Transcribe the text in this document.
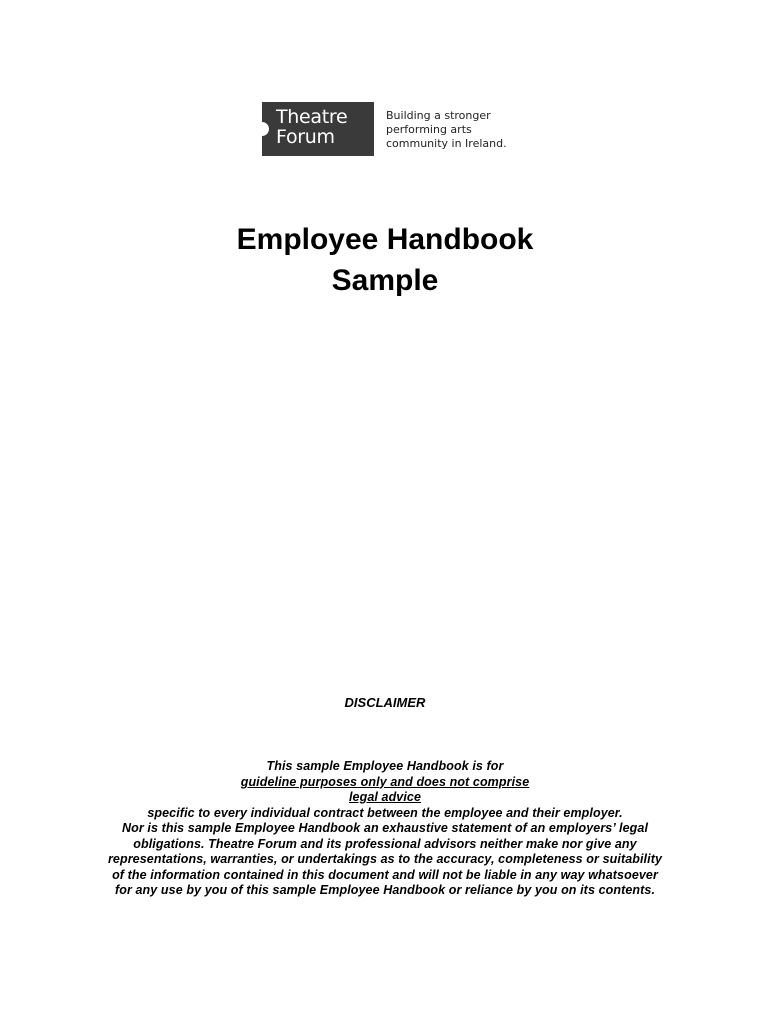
Theatre
Forum
Building a stronger
performing arts
community in Ireland.
Employee Handbook
Sample
DISCLAIMER
This sample Employee Handbook is for
guideline purposes only and does not comprise
legal advice
specific to every individual contract between the employee and their employer.
Nor is this sample Employee Handbook an exhaustive statement of an employers’ legal
obligations. Theatre Forum and its professional advisors neither make nor give any
representations, warranties, or undertakings as to the accuracy, completeness or suitability
of the information contained in this document and will not be liable in any way whatsoever
for any use by you of this sample Employee Handbook or reliance by you on its contents.
